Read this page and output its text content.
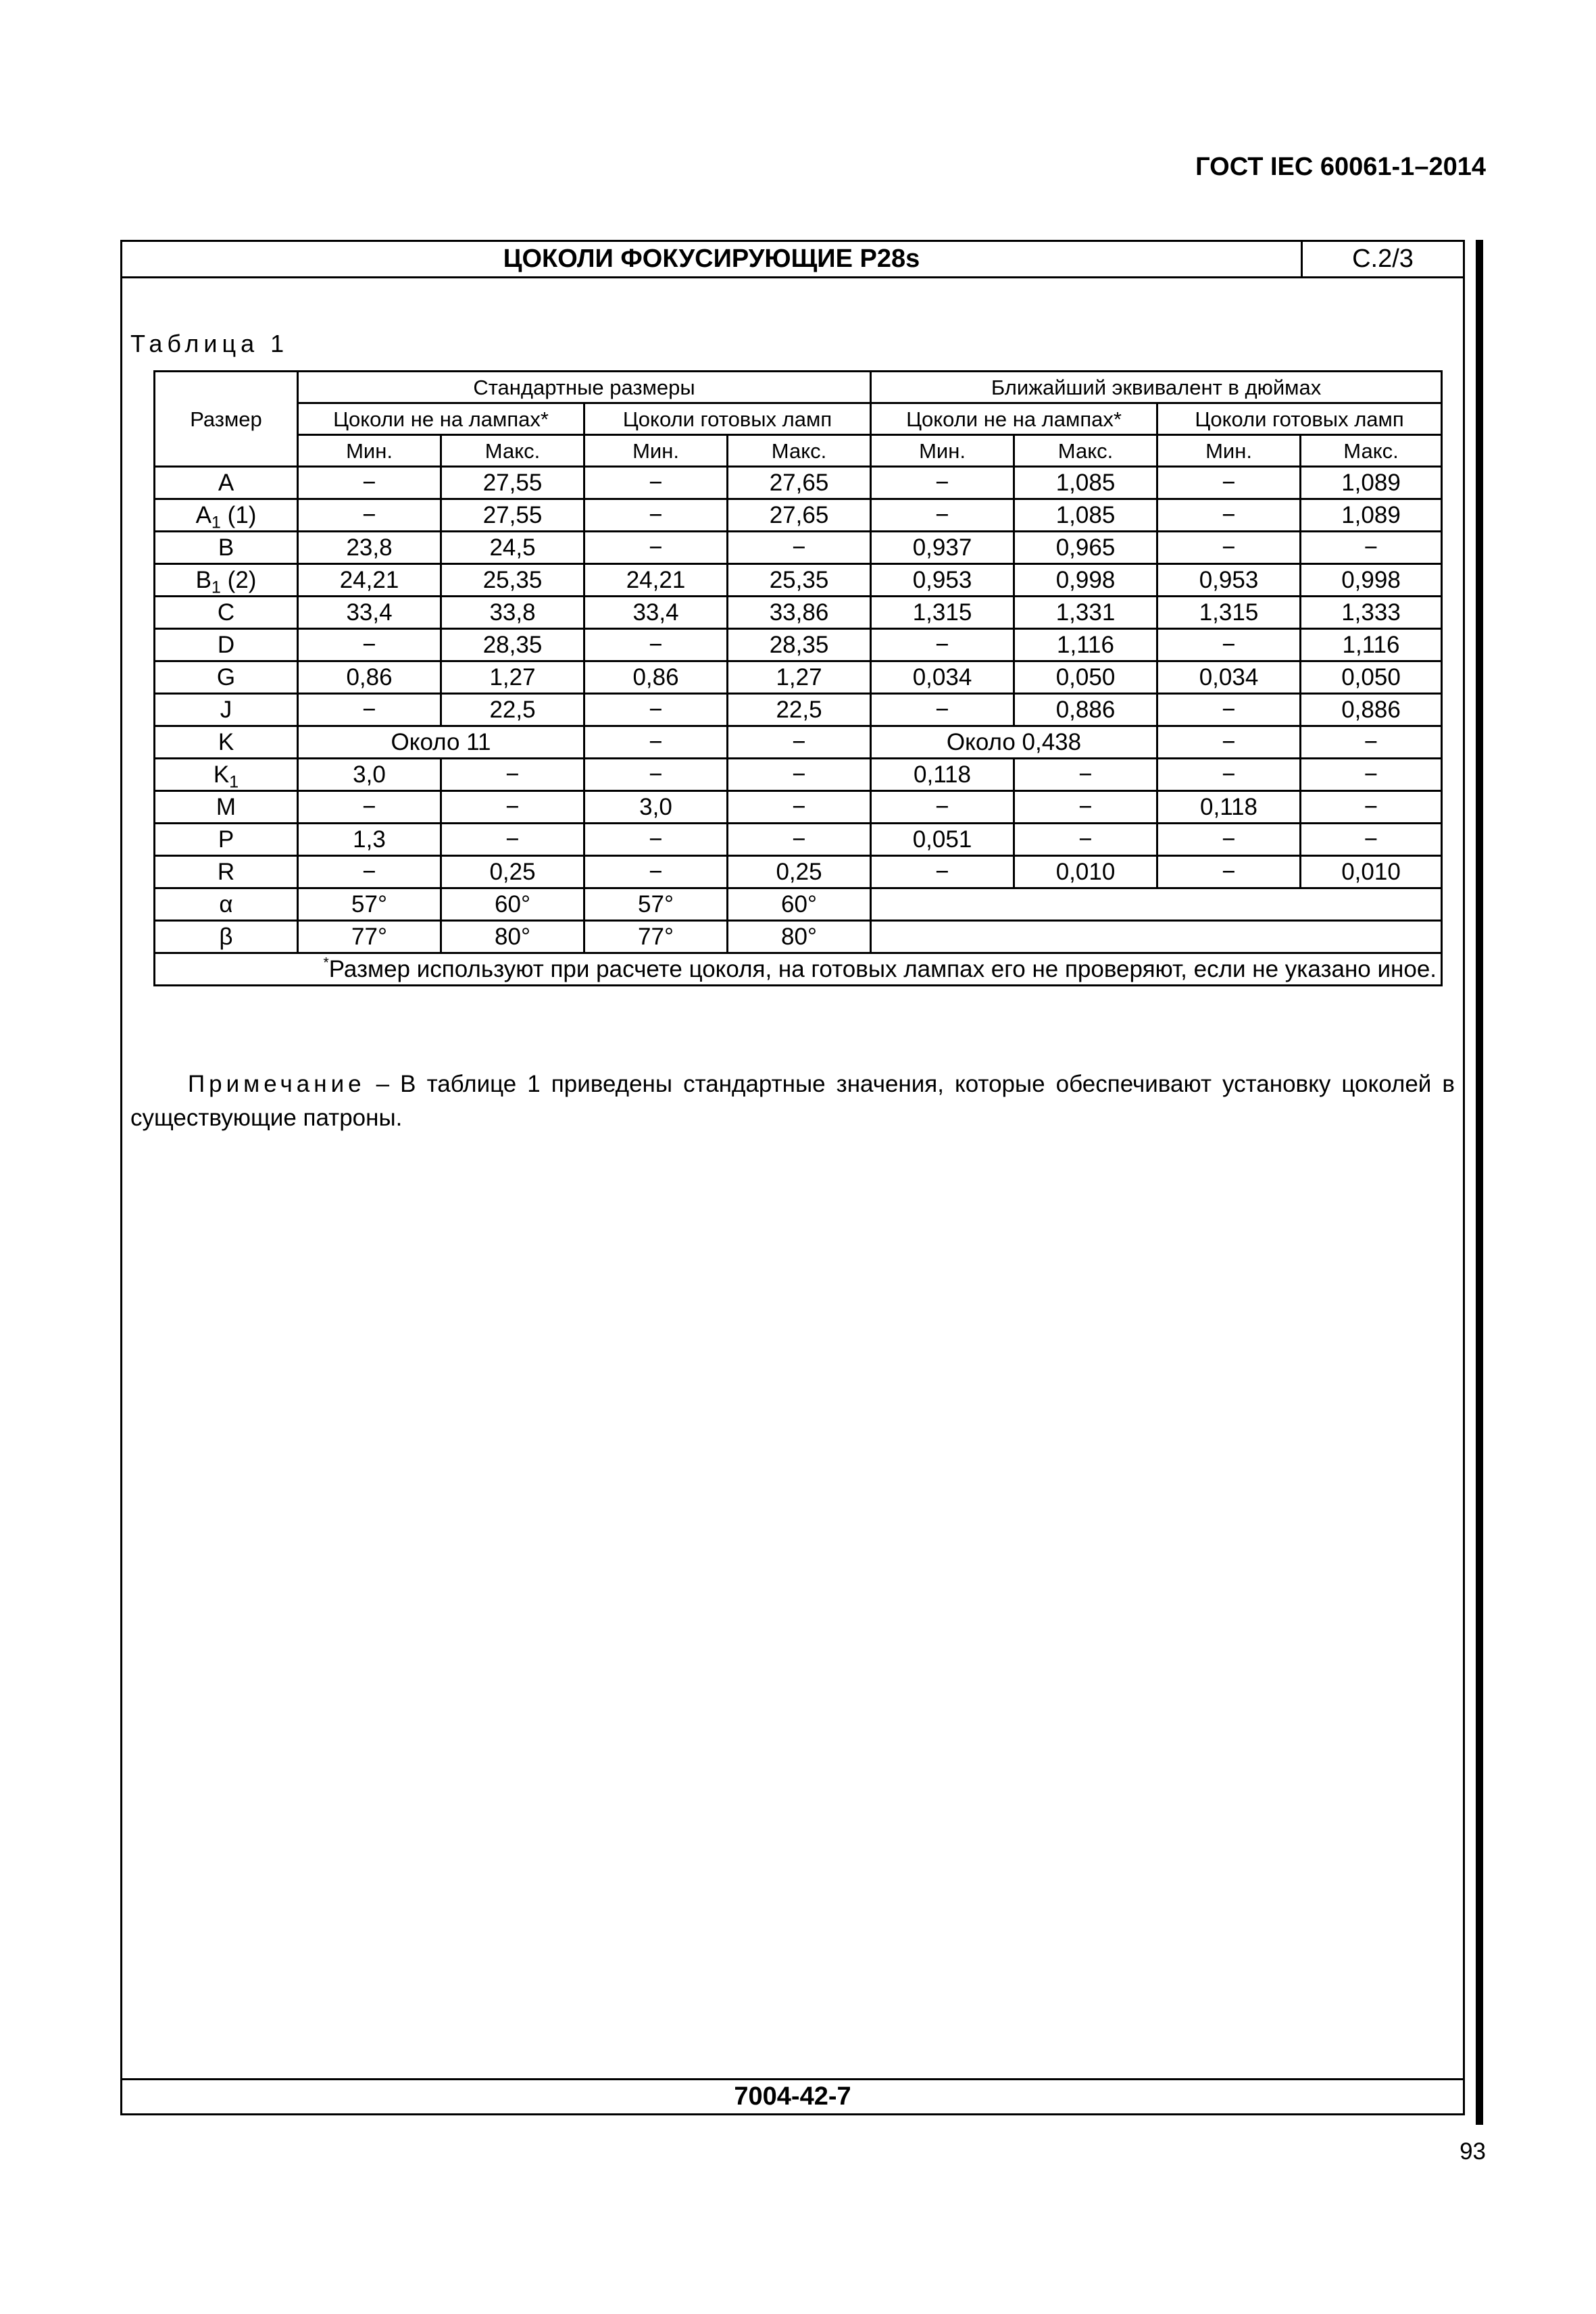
ГОСТ IEC 60061-1–2014
ЦОКОЛИ ФОКУСИРУЮЩИЕ P28s	С.2/3
Таблица 1
Размер	Стандартные размеры				Ближайший эквивалент в дюймах			
	Цоколи не на лампах*		Цоколи готовых ламп		Цоколи не на лампах*		Цоколи готовых ламп	
	Мин.	Макс.	Мин.	Макс.	Мин.	Макс.	Мин.	Макс.
A	−	27,55	−	27,65	−	1,085	−	1,089
$A_1$ (1)	−	27,55	−	27,65	−	1,085	−	1,089
B	23,8	24,5	−	−	0,937	0,965	−	−
$B_1$ (2)	24,21	25,35	24,21	25,35	0,953	0,998	0,953	0,998
C	33,4	33,8	33,4	33,86	1,315	1,331	1,315	1,333
D	−	28,35	−	28,35	−	1,116	−	1,116
G	0,86	1,27	0,86	1,27	0,034	0,050	0,034	0,050
J	−	22,5	−	22,5	−	0,886	−	0,886
K	Около 11		−	−	Около 0,438		−	−
$K_1$	3,0	−	−	−	0,118	−	−	−
M	−	−	3,0	−	−	−	0,118	−
P	1,3	−	−	−	0,051	−	−	−
R	−	0,25	−	0,25	−	0,010	−	0,010
α	57°	60°	57°	60°				
β	77°	80°	77°	80°				
*Размер используют при расчете цоколя, на готовых лампах его не проверяют, если не указано иное.								
Примечание – В таблице 1 приведены стандартные значения, которые обеспечивают установку цоколей в существующие патроны.
7004-42-7
93
